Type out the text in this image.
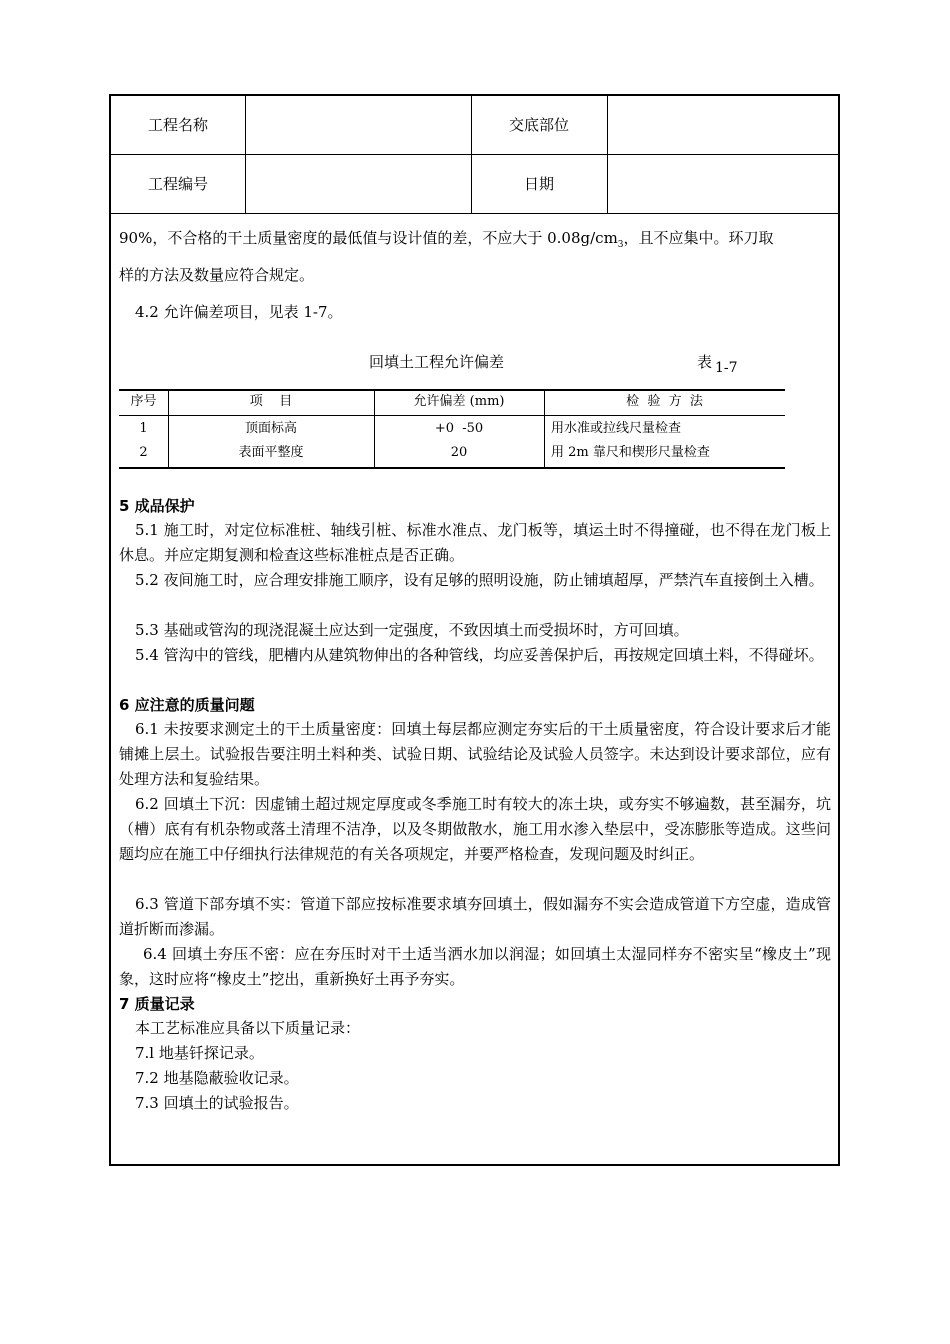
工程名称	交底部位
工程编号	日期
90%，不合格的干土质量密度的最低值与设计值的差，不应大于 $0.08g/cm_3$，且不应集中。环刀取
样的方法及数量应符合规定。
4.2 允许偏差项目，见表 1-7。
回填土工程允许偏差	表 1-7
序号	项    目	允许偏差 (mm)	检  验  方  法
1	顶面标高	+0  -50	用水准或拉线尺量检查
2	表面平整度	20	用 2m 靠尺和楔形尺量检查
5 成品保护
5.1 施工时，对定位标准桩、轴线引桩、标准水准点、龙门板等，填运土时不得撞碰，也不得在龙门板上休息。并应定期复测和检查这些标准桩点是否正确。
5.2 夜间施工时，应合理安排施工顺序，设有足够的照明设施，防止铺填超厚，严禁汽车直接倒土入槽。
5.3 基础或管沟的现浇混凝土应达到一定强度，不致因填土而受损坏时，方可回填。
5.4 管沟中的管线，肥槽内从建筑物伸出的各种管线，均应妥善保护后，再按规定回填土料，不得碰坏。
6 应注意的质量问题
6.1 未按要求测定土的干土质量密度：回填土每层都应测定夯实后的干土质量密度，符合设计要求后才能铺摊上层土。试验报告要注明土料种类、试验日期、试验结论及试验人员签字。未达到设计要求部位，应有处理方法和复验结果。
6.2 回填土下沉：因虚铺土超过规定厚度或冬季施工时有较大的冻土块，或夯实不够遍数，甚至漏夯，坑（槽）底有有机杂物或落土清理不洁净，以及冬期做散水，施工用水渗入垫层中，受冻膨胀等造成。这些问题均应在施工中仔细执行法律规范的有关各项规定，并要严格检查，发现问题及时纠正。
6.3 管道下部夯填不实：管道下部应按标准要求填夯回填土，假如漏夯不实会造成管道下方空虚，造成管道折断而渗漏。
6.4 回填土夯压不密：应在夯压时对干土适当洒水加以润湿；如回填土太湿同样夯不密实呈“橡皮土”现象，这时应将“橡皮土”挖出，重新换好土再予夯实。
7 质量记录
本工艺标准应具备以下质量记录：
7.l 地基钎探记录。
7.2 地基隐蔽验收记录。
7.3 回填土的试验报告。
